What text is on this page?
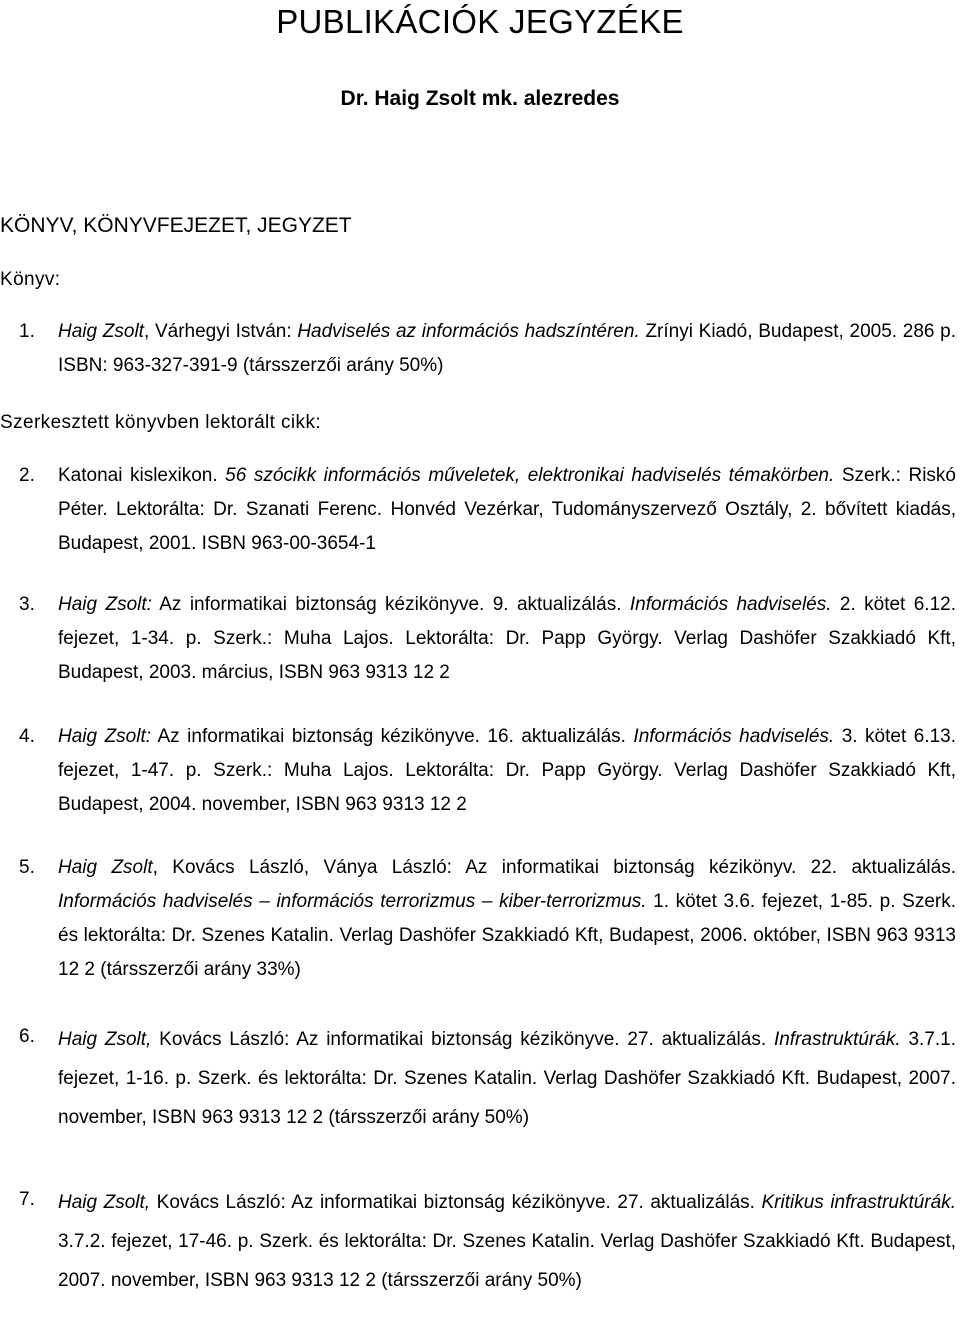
PUBLIKÁCIÓK JEGYZÉKE
Dr. Haig Zsolt mk. alezredes
KÖNYV, KÖNYVFEJEZET, JEGYZET
Könyv:
1. Haig Zsolt, Várhegyi István: Hadviselés az információs hadszíntéren. Zrínyi Kiadó, Budapest, 2005. 286 p. ISBN: 963-327-391-9 (társszerzői arány 50%)
Szerkesztett könyvben lektorált cikk:
2. Katonai kislexikon. 56 szócikk információs műveletek, elektronikai hadviselés témakörben. Szerk.: Riskó Péter. Lektorálta: Dr. Szanati Ferenc. Honvéd Vezérkar, Tudományszervező Osztály, 2. bővített kiadás, Budapest, 2001. ISBN 963-00-3654-1
3. Haig Zsolt: Az informatikai biztonság kézikönyve. 9. aktualizálás. Információs hadviselés. 2. kötet 6.12. fejezet, 1-34. p. Szerk.: Muha Lajos. Lektorálta: Dr. Papp György. Verlag Dashöfer Szakkiadó Kft, Budapest, 2003. március, ISBN 963 9313 12 2
4. Haig Zsolt: Az informatikai biztonság kézikönyve. 16. aktualizálás. Információs hadviselés. 3. kötet 6.13. fejezet, 1-47. p. Szerk.: Muha Lajos. Lektorálta: Dr. Papp György. Verlag Dashöfer Szakkiadó Kft, Budapest, 2004. november, ISBN 963 9313 12 2
5. Haig Zsolt, Kovács László, Ványa László: Az informatikai biztonság kézikönyv. 22. aktualizálás. Információs hadviselés – információs terrorizmus – kiber-terrorizmus. 1. kötet 3.6. fejezet, 1-85. p. Szerk. és lektorálta: Dr. Szenes Katalin. Verlag Dashöfer Szakkiadó Kft, Budapest, 2006. október, ISBN 963 9313 12 2 (társszerzői arány 33%)
6. Haig Zsolt, Kovács László: Az informatikai biztonság kézikönyve. 27. aktualizálás. Infrastruktúrák. 3.7.1. fejezet, 1-16. p. Szerk. és lektorálta: Dr. Szenes Katalin. Verlag Dashöfer Szakkiadó Kft. Budapest, 2007. november, ISBN 963 9313 12 2 (társszerzői arány 50%)
7. Haig Zsolt, Kovács László: Az informatikai biztonság kézikönyve. 27. aktualizálás. Kritikus infrastruktúrák. 3.7.2. fejezet, 17-46. p. Szerk. és lektorálta: Dr. Szenes Katalin. Verlag Dashöfer Szakkiadó Kft. Budapest, 2007. november, ISBN 963 9313 12 2 (társszerzői arány 50%)
